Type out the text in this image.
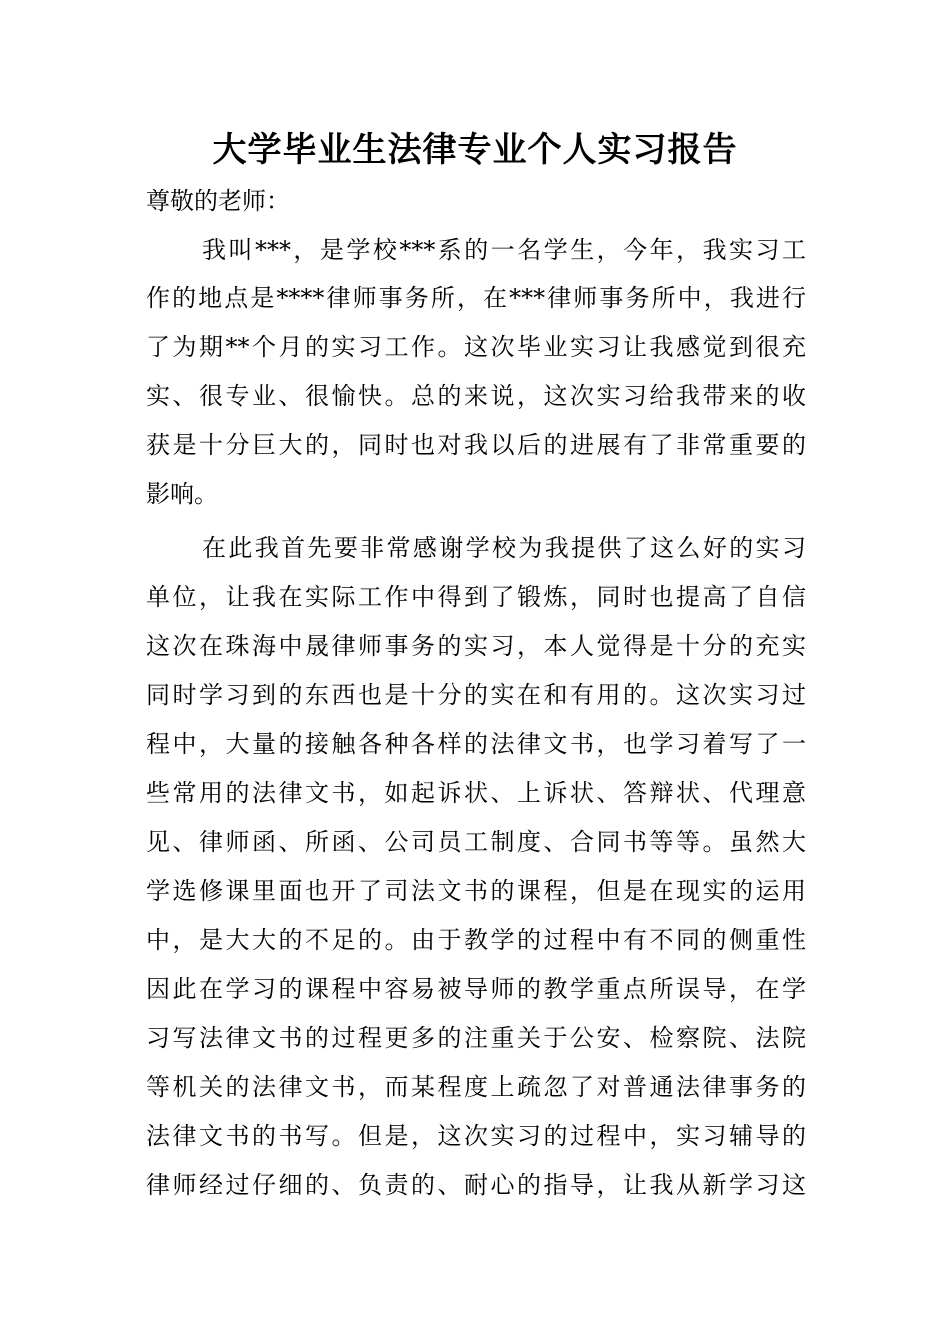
大学毕业生法律专业个人实习报告
尊敬的老师：
我叫***，是学校***系的一名学生，今年，我实习工
作的地点是****律师事务所，在***律师事务所中，我进行
了为期**个月的实习工作。这次毕业实习让我感觉到很充
实、很专业、很愉快。总的来说，这次实习给我带来的收
获是十分巨大的，同时也对我以后的进展有了非常重要的
影响。
在此我首先要非常感谢学校为我提供了这么好的实习
单位，让我在实际工作中得到了锻炼，同时也提高了自信
这次在珠海中晟律师事务的实习，本人觉得是十分的充实
同时学习到的东西也是十分的实在和有用的。这次实习过
程中，大量的接触各种各样的法律文书，也学习着写了一
些常用的法律文书，如起诉状、上诉状、答辩状、代理意
见、律师函、所函、公司员工制度、合同书等等。虽然大
学选修课里面也开了司法文书的课程，但是在现实的运用
中，是大大的不足的。由于教学的过程中有不同的侧重性
因此在学习的课程中容易被导师的教学重点所误导，在学
习写法律文书的过程更多的注重关于公安、检察院、法院
等机关的法律文书，而某程度上疏忽了对普通法律事务的
法律文书的书写。但是，这次实习的过程中，实习辅导的
律师经过仔细的、负责的、耐心的指导，让我从新学习这
